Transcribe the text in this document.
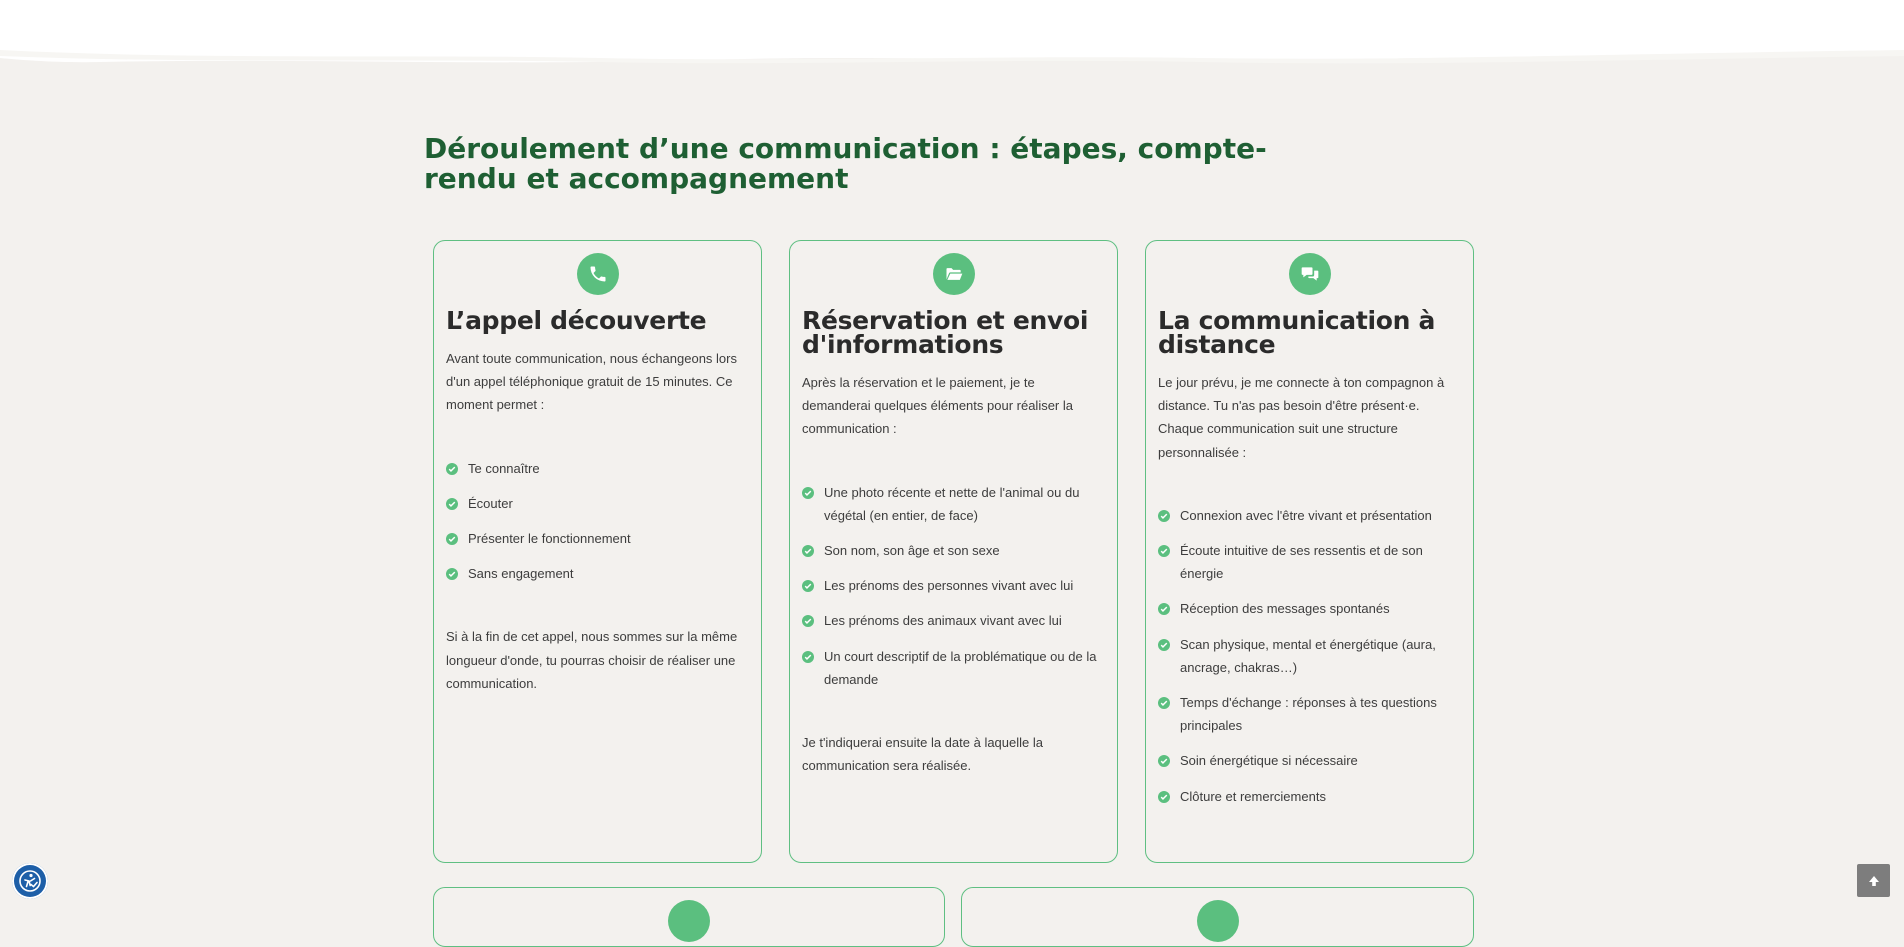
Déroulement d’une communication : étapes, compte-rendu et accompagnement
L’appel découverte

Avant toute communication, nous échangeons lors d'un appel téléphonique gratuit de 15 minutes. Ce moment permet :

Te connaître
Écouter
Présenter le fonctionnement
Sans engagement

Si à la fin de cet appel, nous sommes sur la même longueur d'onde, tu pourras choisir de réaliser une communication.

Réservation et envoi d'informations

Après la réservation et le paiement, je te demanderai quelques éléments pour réaliser la communication :

Une photo récente et nette de l'animal ou du végétal (en entier, de face)
Son nom, son âge et son sexe
Les prénoms des personnes vivant avec lui
Les prénoms des animaux vivant avec lui
Un court descriptif de la problématique ou de la demande

Je t'indiquerai ensuite la date à laquelle la communication sera réalisée.

La communication à distance

Le jour prévu, je me connecte à ton compagnon à distance. Tu n'as pas besoin d'être présent·e. Chaque communication suit une structure personnalisée :

Connexion avec l'être vivant et présentation
Écoute intuitive de ses ressentis et de son énergie
Réception des messages spontanés
Scan physique, mental et énergétique (aura, ancrage, chakras…)
Temps d'échange : réponses à tes questions principales
Soin énergétique si nécessaire
Clôture et remerciements
